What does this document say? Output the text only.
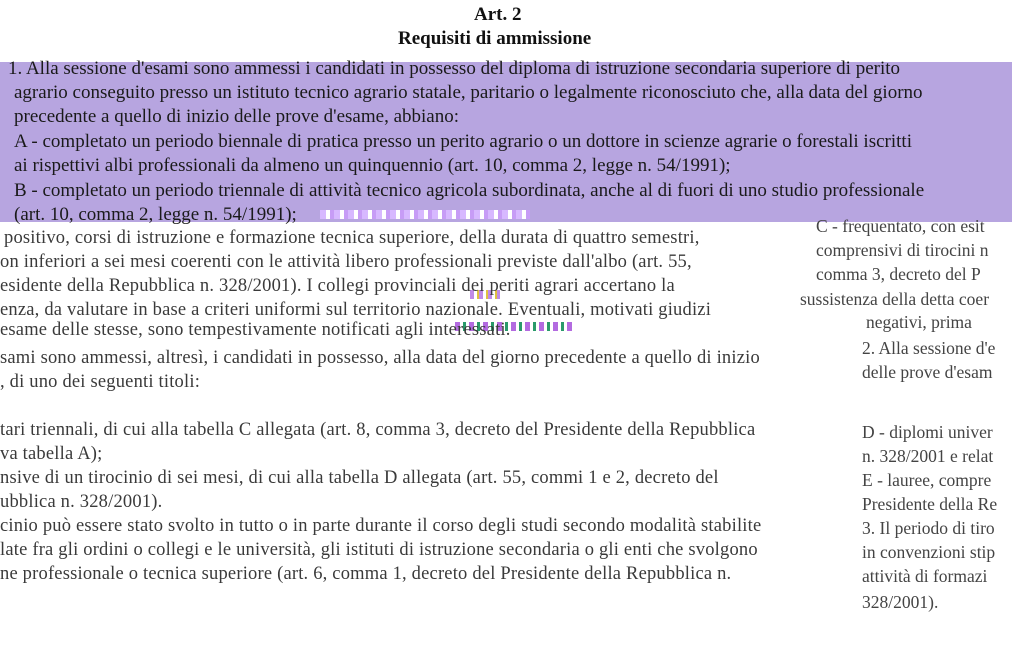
Art. 2
Requisiti di ammissione
1. Alla sessione d'esami sono ammessi i candidati in possesso del diploma di istruzione secondaria superiore di perito
agrario conseguito presso un istituto tecnico agrario statale, paritario o legalmente riconosciuto che, alla data del giorno
precedente a quello di inizio delle prove d'esame, abbiano:
A - completato un periodo biennale di pratica presso un perito agrario o un dottore in scienze agrarie o forestali iscritti
ai rispettivi albi professionali da almeno un quinquennio (art. 10, comma 2, legge n. 54/1991);
B - completato un periodo triennale di attività tecnico agricola subordinata, anche al di fuori di uno studio professionale
(art. 10, comma 2, legge n. 54/1991);
positivo, corsi di istruzione e formazione tecnica superiore, della durata di quattro semestri,
on inferiori a sei mesi coerenti con le attività libero professionali previste dall'albo (art. 55,
esidente della Repubblica n. 328/2001). I collegi provinciali dei periti agrari accertano la
enza, da valutare in base a criteri uniformi sul territorio nazionale. Eventuali, motivati giudizi
esame delle stesse, sono tempestivamente notificati agli interessati.
sami sono ammessi, altresì, i candidati in possesso, alla data del giorno precedente a quello di inizio
, di uno dei seguenti titoli:
tari triennali, di cui alla tabella C allegata (art. 8, comma 3, decreto del Presidente della Repubblica
va tabella A);
nsive di un tirocinio di sei mesi, di cui alla tabella D allegata (art. 55, commi 1 e 2, decreto del
ubblica n. 328/2001).
cinio può essere stato svolto in tutto o in parte durante il corso degli studi secondo modalità stabilite
late fra gli ordini o collegi e le università, gli istituti di istruzione secondaria o gli enti che svolgono
ne professionale o tecnica superiore (art. 6, comma 1, decreto del Presidente della Repubblica n.
C - frequentato, con esit
comprensivi di tirocini n
comma 3, decreto del P
sussistenza della detta coer
negativi, prima
2. Alla sessione d'e
delle prove d'esam
D - diplomi univer
n. 328/2001 e relat
E - lauree, compre
Presidente della Re
3. Il periodo di tiro
in convenzioni stip
attività di formazi
328/2001).
